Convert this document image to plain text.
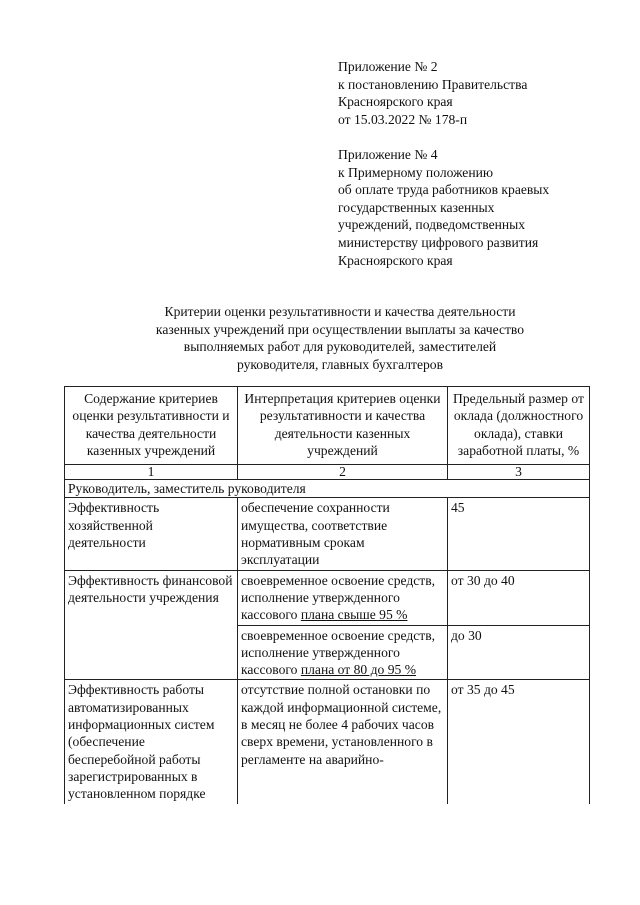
Приложение № 2
к постановлению Правительства
Красноярского края
от 15.03.2022 № 178-п
Приложение № 4
к Примерному положению
об оплате труда работников краевых
государственных казенных
учреждений, подведомственных
министерству цифрового развития
Красноярского края
Критерии оценки результативности и качества деятельности
казенных учреждений при осуществлении выплаты за качество
выполняемых работ для руководителей, заместителей
руководителя, главных бухгалтеров
Содержание критериев оценки результативности и качества деятельности казенных учреждений	Интерпретация критериев оценки результативности и качества деятельности казенных учреждений	Предельный размер от оклада (должностного оклада), ставки заработной платы, %
1	2	3
Руководитель, заместитель руководителя		
Эффективность хозяйственной деятельности	обеспечение сохранности имущества, соответствие нормативным срокам эксплуатации	45
Эффективность финансовой деятельности учреждения	своевременное освоение средств, исполнение утвержденного кассового плана свыше 95 %	от 30 до 40
	своевременное освоение средств, исполнение утвержденного кассового плана от 80 до 95 %	до 30
Эффективность работы автоматизированных информационных систем (обеспечение бесперебойной работы зарегистрированных в установленном порядке	отсутствие полной остановки по каждой информационной системе, в месяц не более 4 рабочих часов сверх времени, установленного в регламенте на аварийно-	от 35 до 45
